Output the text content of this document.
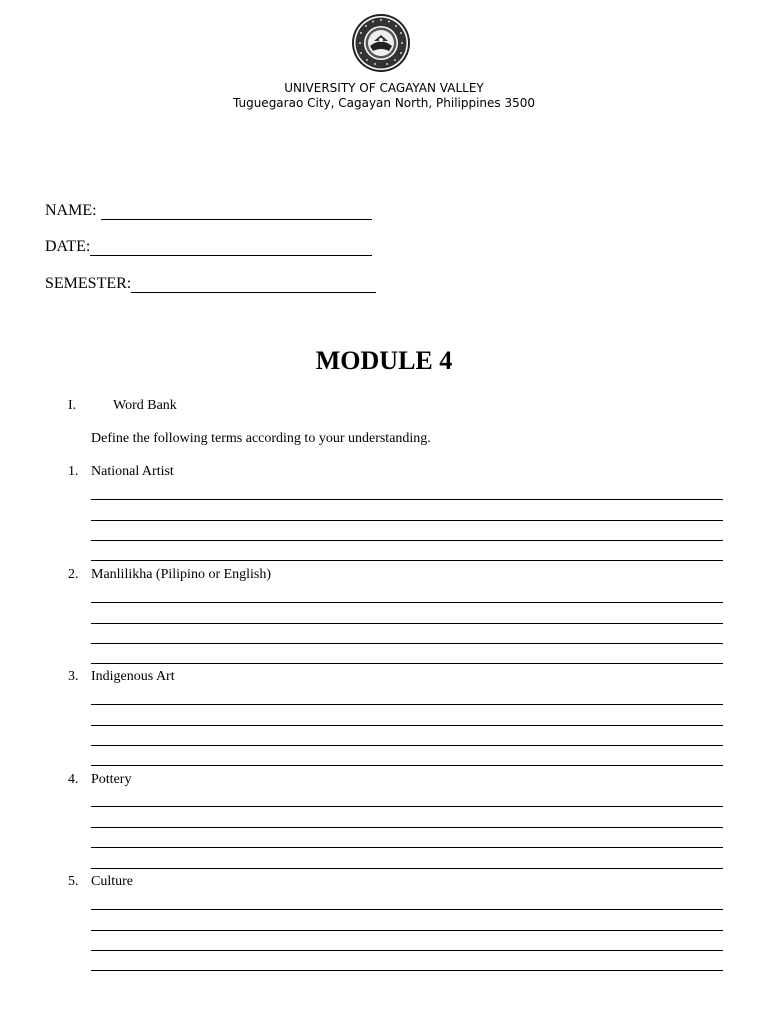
UNIVERSITY OF CAGAYAN VALLEY
Tuguegarao City, Cagayan North, Philippines 3500
NAME:
DATE:
SEMESTER:
MODULE 4
I.	Word Bank
Define the following terms according to your understanding.
1. National Artist
2. Manlilikha (Pilipino or English)
3. Indigenous Art
4. Pottery
5. Culture
